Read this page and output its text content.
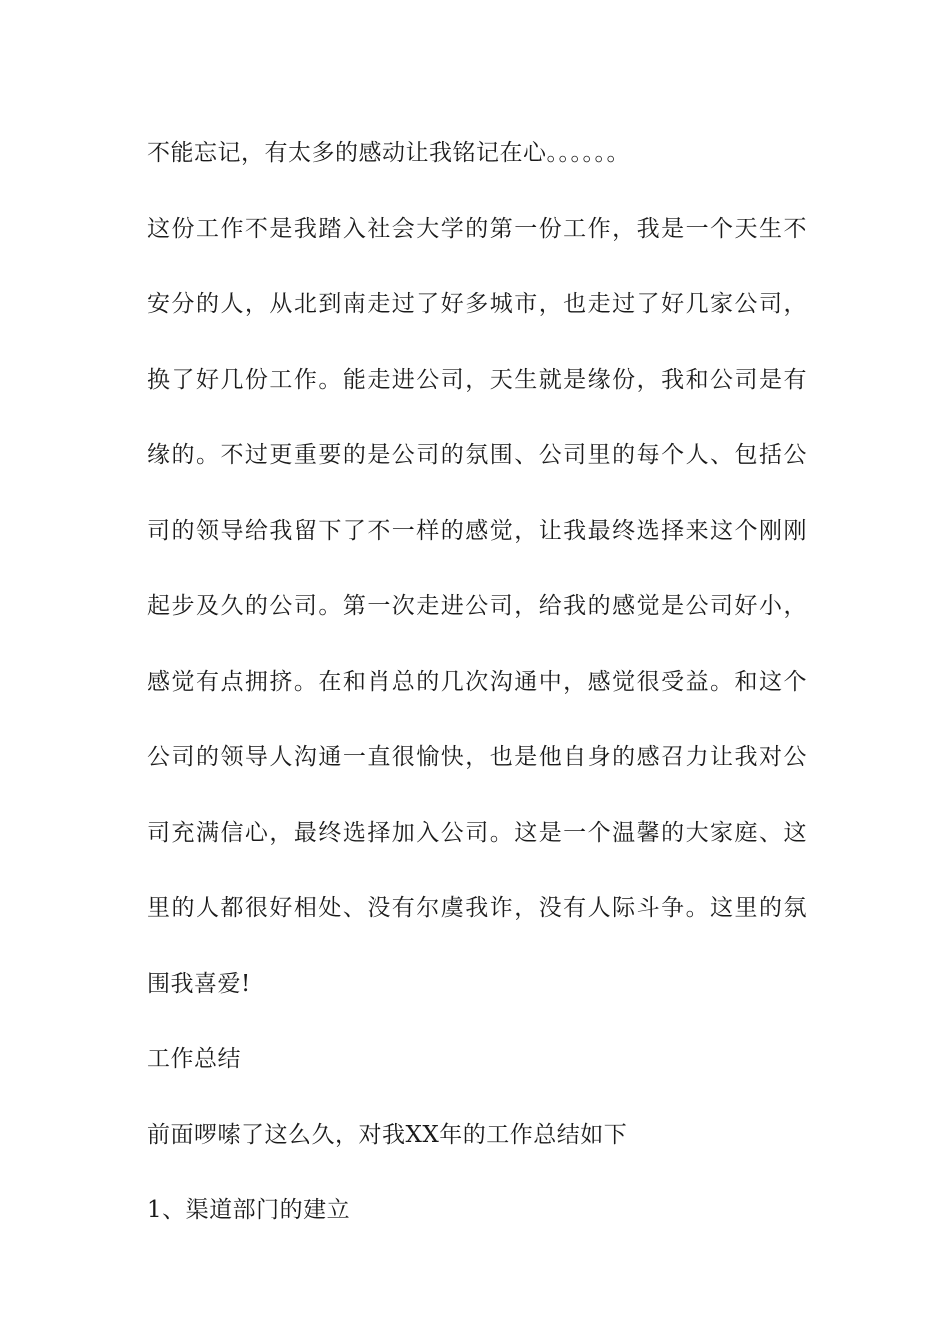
不能忘记，有太多的感动让我铭记在心。。。。。。
这份工作不是我踏入社会大学的第一份工作，我是一个天生不
安分的人，从北到南走过了好多城市，也走过了好几家公司，
换了好几份工作。能走进公司，天生就是缘份，我和公司是有
缘的。不过更重要的是公司的氛围、公司里的每个人、包括公
司的领导给我留下了不一样的感觉，让我最终选择来这个刚刚
起步及久的公司。第一次走进公司，给我的感觉是公司好小，
感觉有点拥挤。在和肖总的几次沟通中，感觉很受益。和这个
公司的领导人沟通一直很愉快，也是他自身的感召力让我对公
司充满信心，最终选择加入公司。这是一个温馨的大家庭、这
里的人都很好相处、没有尔虞我诈，没有人际斗争。这里的氛
围我喜爱!
工作总结
前面啰嗦了这么久，对我XX年的工作总结如下
1、渠道部门的建立
